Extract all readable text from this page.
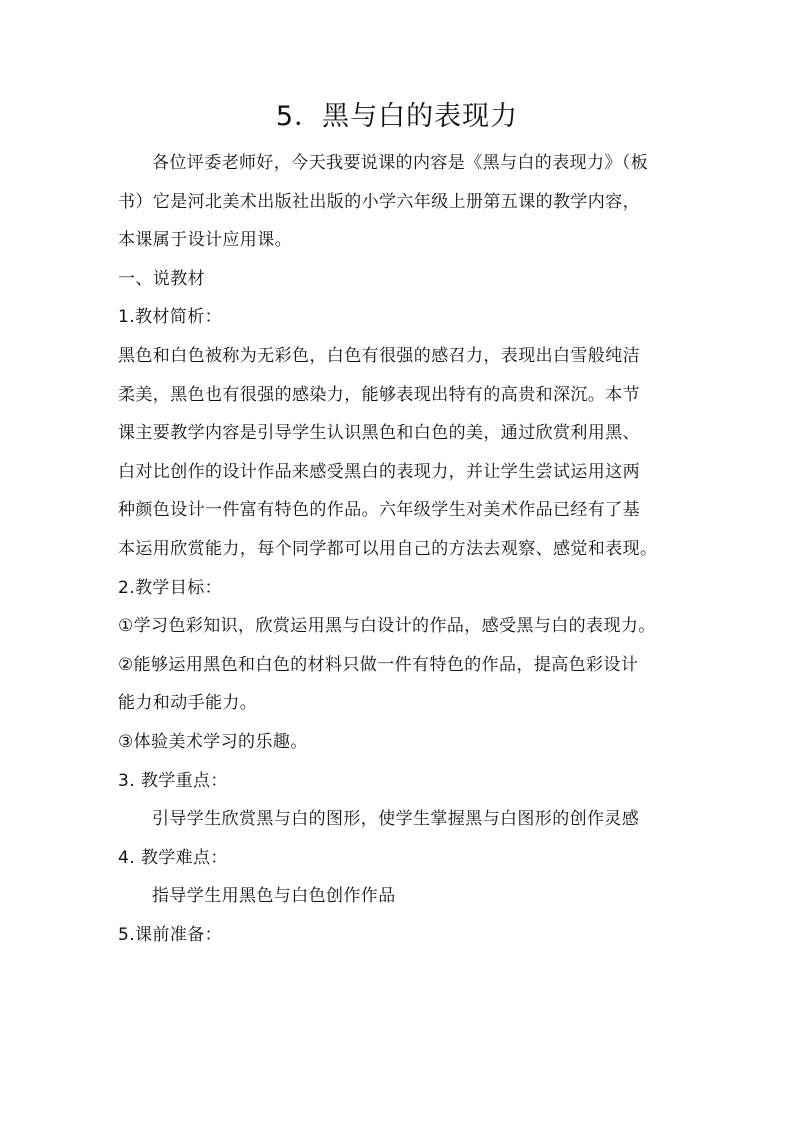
5．黑与白的表现力
各位评委老师好，今天我要说课的内容是《黑与白的表现力》（板
书）它是河北美术出版社出版的小学六年级上册第五课的教学内容，
本课属于设计应用课。
一、说教材
1.教材简析：
黑色和白色被称为无彩色，白色有很强的感召力，表现出白雪般纯洁
柔美，黑色也有很强的感染力，能够表现出特有的高贵和深沉。本节
课主要教学内容是引导学生认识黑色和白色的美，通过欣赏利用黑、
白对比创作的设计作品来感受黑白的表现力，并让学生尝试运用这两
种颜色设计一件富有特色的作品。六年级学生对美术作品已经有了基
本运用欣赏能力，每个同学都可以用自己的方法去观察、感觉和表现。
2.教学目标：
①学习色彩知识，欣赏运用黑与白设计的作品，感受黑与白的表现力。
②能够运用黑色和白色的材料只做一件有特色的作品，提高色彩设计
能力和动手能力。
③体验美术学习的乐趣。
3. 教学重点：
引导学生欣赏黑与白的图形，使学生掌握黑与白图形的创作灵感
4. 教学难点：
指导学生用黑色与白色创作作品
5.课前准备：
